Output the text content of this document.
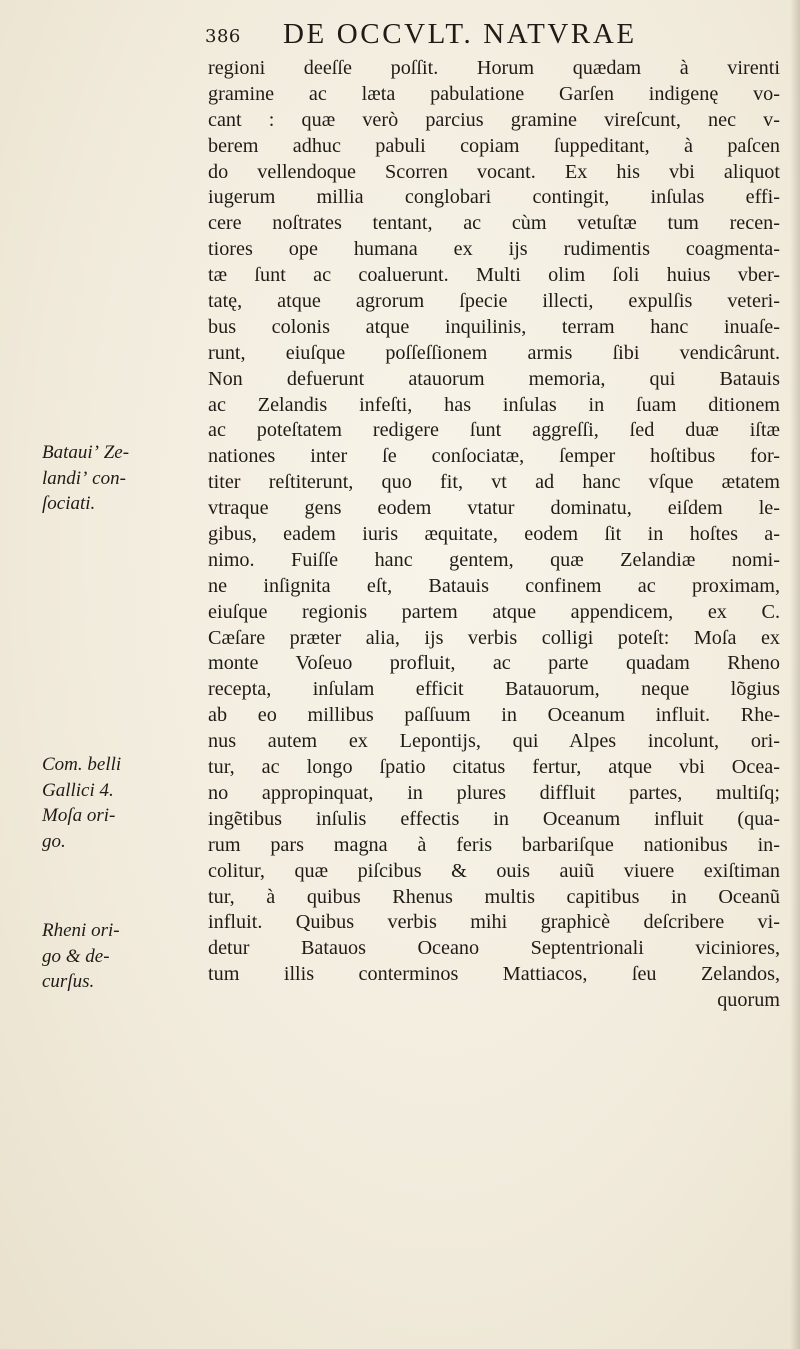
386 DE OCCVLT. NATVRAE
regioni deeſſe poſſit. Horum quædam à virenti
gramine ac læta pabulatione Garſen indigenę vo-
cant : quæ verò parcius gramine vireſcunt, nec v-
berem adhuc pabuli copiam ſuppeditant, à paſcen
do vellendoque Scorren vocant. Ex his vbi aliquot
iugerum millia conglobari contingit, inſulas effi-
cere noſtrates tentant, ac cùm vetuſtæ tum recen-
tiores ope humana ex ijs rudimentis coagmenta-
tæ ſunt ac coaluerunt. Multi olim ſoli huius vber-
tatę, atque agrorum ſpecie illecti, expulſis veteri-
bus colonis atque inquilinis, terram hanc inuaſe-
runt, eiuſque poſſeſſionem armis ſibi vendicârunt.
Non defuerunt atauorum memoria, qui Batauis
ac Zelandis infeſti, has inſulas in ſuam ditionem
ac poteſtatem redigere ſunt aggreſſi, ſed duæ iſtæ
nationes inter ſe conſociatæ, ſemper hoſtibus for-
titer reſtiterunt, quo fit, vt ad hanc vſque ætatem
vtraque gens eodem vtatur dominatu, eiſdem le-
gibus, eadem iuris æquitate, eodem ſit in hoſtes a-
nimo. Fuiſſe hanc gentem, quæ Zelandiæ nomi-
ne inſignita eſt, Batauis confinem ac proximam,
eiuſque regionis partem atque appendicem, ex C.
Cæſare præter alia, ijs verbis colligi poteſt: Moſa ex
monte Voſeuo profluit, ac parte quadam Rheno
recepta, inſulam efficit Batauorum, neque lõgius
ab eo millibus paſſuum in Oceanum influit. Rhe-
nus autem ex Lepontijs, qui Alpes incolunt, ori-
tur, ac longo ſpatio citatus fertur, atque vbi Ocea-
no appropinquat, in plures diffluit partes, multiſq;
ingẽtibus inſulis effectis in Oceanum influit (qua-
rum pars magna à feris barbariſque nationibus in-
colitur, quæ piſcibus & ouis auiũ viuere exiſtiman
tur, à quibus Rhenus multis capitibus in Oceanũ
influit. Quibus verbis mihi graphicè deſcribere vi-
detur Batauos Oceano Septentrionali viciniores,
tum illis conterminos Mattiacos, ſeu Zelandos,
quorum
Batauiʼ Ze-
landiʼ con-
ſociati.
Com. belli
Gallici 4.
Moſa ori-
go.
Rheni ori-
go & de-
curſus.
